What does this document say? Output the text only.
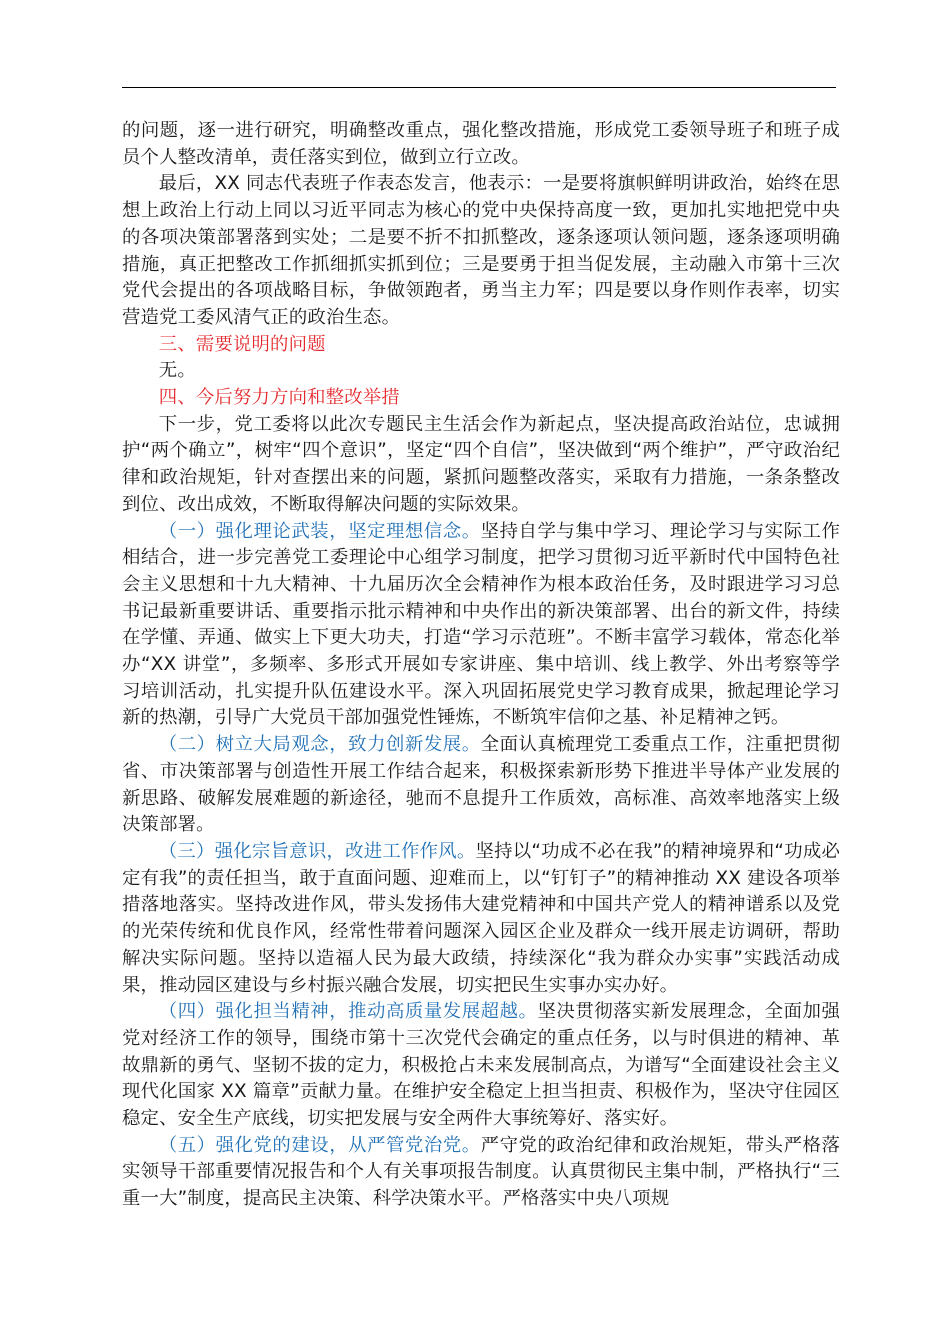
的问题，逐一进行研究，明确整改重点，强化整改措施，形成党工委领导班子和班子成员个人整改清单，责任落实到位，做到立行立改。

最后，XX 同志代表班子作表态发言，他表示：一是要将旗帜鲜明讲政治，始终在思想上政治上行动上同以习近平同志为核心的党中央保持高度一致，更加扎实地把党中央的各项决策部署落到实处；二是要不折不扣抓整改，逐条逐项认领问题，逐条逐项明确措施，真正把整改工作抓细抓实抓到位；三是要勇于担当促发展，主动融入市第十三次党代会提出的各项战略目标，争做领跑者，勇当主力军；四是要以身作则作表率，切实营造党工委风清气正的政治生态。

三、需要说明的问题

无。

四、今后努力方向和整改举措

下一步，党工委将以此次专题民主生活会作为新起点，坚决提高政治站位，忠诚拥护“两个确立”，树牢“四个意识”，坚定“四个自信”，坚决做到“两个维护”，严守政治纪律和政治规矩，针对查摆出来的问题，紧抓问题整改落实，采取有力措施，一条条整改到位、改出成效，不断取得解决问题的实际效果。

（一）强化理论武装，坚定理想信念。坚持自学与集中学习、理论学习与实际工作相结合，进一步完善党工委理论中心组学习制度，把学习贯彻习近平新时代中国特色社会主义思想和十九大精神、十九届历次全会精神作为根本政治任务，及时跟进学习习总书记最新重要讲话、重要指示批示精神和中央作出的新决策部署、出台的新文件，持续在学懂、弄通、做实上下更大功夫，打造“学习示范班”。不断丰富学习载体，常态化举办“XX 讲堂”，多频率、多形式开展如专家讲座、集中培训、线上教学、外出考察等学习培训活动，扎实提升队伍建设水平。深入巩固拓展党史学习教育成果，掀起理论学习新的热潮，引导广大党员干部加强党性锤炼，不断筑牢信仰之基、补足精神之钙。

（二）树立大局观念，致力创新发展。全面认真梳理党工委重点工作，注重把贯彻省、市决策部署与创造性开展工作结合起来，积极探索新形势下推进半导体产业发展的新思路、破解发展难题的新途径，驰而不息提升工作质效，高标准、高效率地落实上级决策部署。

（三）强化宗旨意识，改进工作作风。坚持以“功成不必在我”的精神境界和“功成必定有我”的责任担当，敢于直面问题、迎难而上，以“钉钉子”的精神推动 XX 建设各项举措落地落实。坚持改进作风，带头发扬伟大建党精神和中国共产党人的精神谱系以及党的光荣传统和优良作风，经常性带着问题深入园区企业及群众一线开展走访调研，帮助解决实际问题。坚持以造福人民为最大政绩，持续深化“我为群众办实事”实践活动成果，推动园区建设与乡村振兴融合发展，切实把民生实事办实办好。

（四）强化担当精神，推动高质量发展超越。坚决贯彻落实新发展理念，全面加强党对经济工作的领导，围绕市第十三次党代会确定的重点任务，以与时俱进的精神、革故鼎新的勇气、坚韧不拔的定力，积极抢占未来发展制高点，为谱写“全面建设社会主义现代化国家 XX 篇章”贡献力量。在维护安全稳定上担当担责、积极作为，坚决守住园区稳定、安全生产底线，切实把发展与安全两件大事统筹好、落实好。

（五）强化党的建设，从严管党治党。严守党的政治纪律和政治规矩，带头严格落实领导干部重要情况报告和个人有关事项报告制度。认真贯彻民主集中制，严格执行“三重一大”制度，提高民主决策、科学决策水平。严格落实中央八项规
